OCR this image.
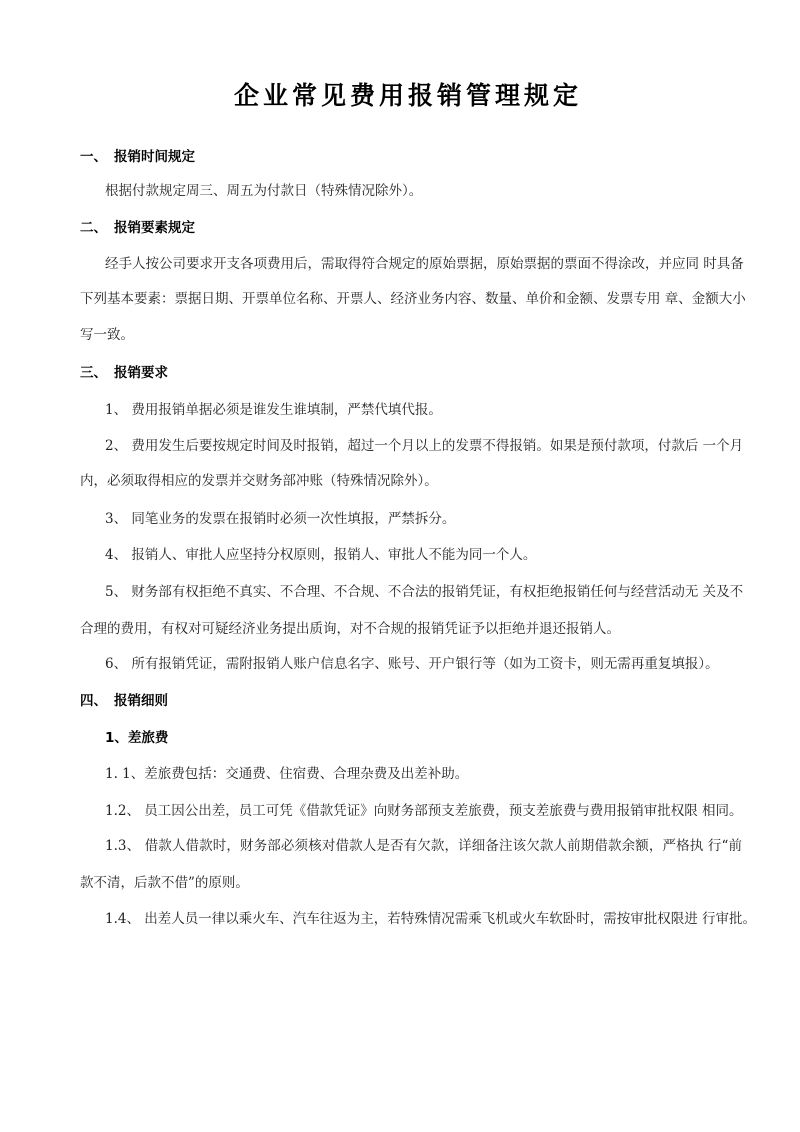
企业常见费用报销管理规定
一、 报销时间规定
根据付款规定周三、周五为付款日（特殊情况除外）。
二、 报销要素规定
经手人按公司要求开支各项费用后，需取得符合规定的原始票据，原始票据的票面不得涂改，并应同 时具备
下列基本要素：票据日期、开票单位名称、开票人、经济业务内容、数量、单价和金额、发票专用 章、金额大小
写一致。
三、 报销要求
1、 费用报销单据必须是谁发生谁填制，严禁代填代报。
2、 费用发生后要按规定时间及时报销，超过一个月以上的发票不得报销。如果是预付款项，付款后 一个月
内，必须取得相应的发票并交财务部冲账（特殊情况除外）。
3、 同笔业务的发票在报销时必须一次性填报，严禁拆分。
4、 报销人、审批人应坚持分权原则，报销人、审批人不能为同一个人。
5、 财务部有权拒绝不真实、不合理、不合规、不合法的报销凭证，有权拒绝报销任何与经营活动无 关及不
合理的费用，有权对可疑经济业务提出质询，对不合规的报销凭证予以拒绝并退还报销人。
6、 所有报销凭证，需附报销人账户信息名字、账号、开户银行等（如为工资卡，则无需再重复填报）。
四、 报销细则
1、差旅费
1. 1、差旅费包括：交通费、住宿费、合理杂费及出差补助。
1.2、 员工因公出差，员工可凭《借款凭证》向财务部预支差旅费，预支差旅费与费用报销审批权限 相同。
1.3、 借款人借款时，财务部必须核对借款人是否有欠款，详细备注该欠款人前期借款余额，严格执 行“前
款不清，后款不借”的原则。
1.4、 出差人员一律以乘火车、汽车往返为主，若特殊情况需乘飞机或火车软卧时，需按审批权限进 行审批。
